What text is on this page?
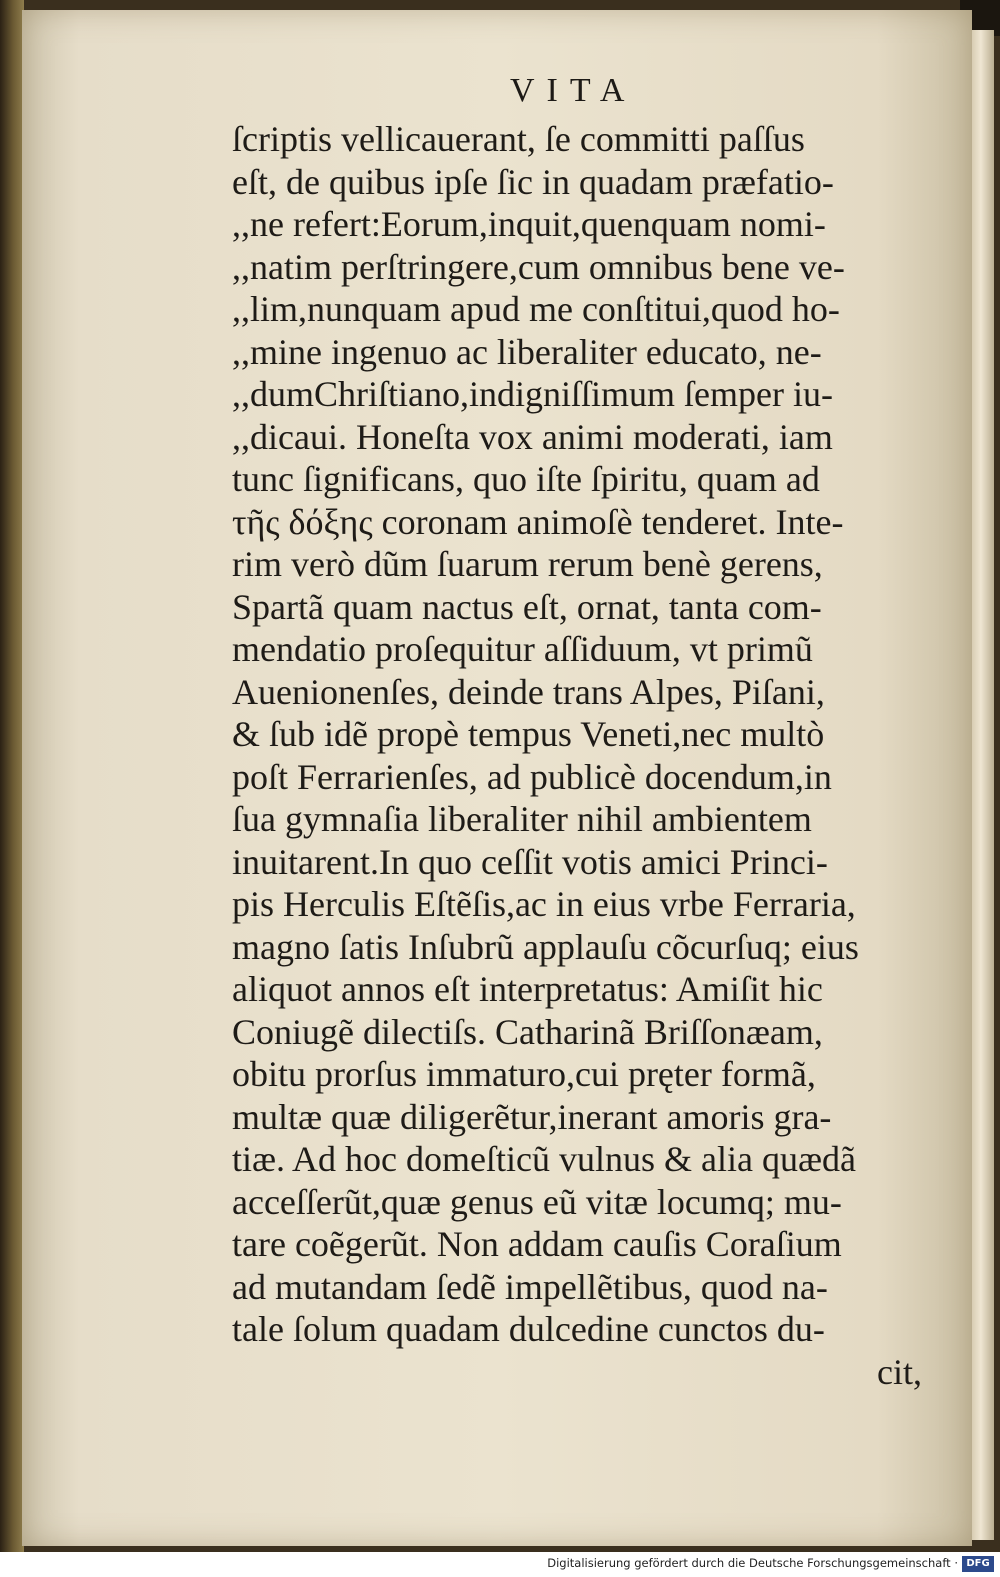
VITA
ſcriptis vellicauerant, ſe committi paſſus
eſt, de quibus ipſe ſic in quadam præfatio-
,,ne refert:Eorum,inquit,quenquam nomi-
,,natim perſtringere,cum omnibus bene ve-
,,lim,nunquam apud me conſtitui,quod ho-
,,mine ingenuo ac liberaliter educato, ne-
,,dumChriſtiano,indigniſſimum ſemper iu-
,,dicaui. Honeſta vox animi moderati, iam
tunc ſignificans, quo iſte ſpiritu, quam ad
τῆς δόξης coronam animoſè tenderet. Inte-
rim verò dũm ſuarum rerum benè gerens,
Spartã quam nactus eſt, ornat, tanta com-
mendatio proſequitur aſſiduum, vt primũ
Auenionenſes, deinde trans Alpes, Piſani,
& ſub idẽ propè tempus Veneti,nec multò
poſt Ferrarienſes, ad publicè docendum,in
ſua gymnaſia liberaliter nihil ambientem
inuitarent.In quo ceſſit votis amici Princi-
pis Herculis Eſtẽſis,ac in eius vrbe Ferraria,
magno ſatis Inſubrũ applauſu cõcurſuq; eius
aliquot annos eſt interpretatus: Amiſit hic
Coniugẽ dilectiſs. Catharinã Briſſonæam,
obitu prorſus immaturo,cui pręter formã,
multæ quæ diligerẽtur,inerant amoris gra-
tiæ. Ad hoc domeſticũ vulnus & alia quædã
acceſſerũt,quæ genus eũ vitæ locumq; mu-
tare coẽgerũt. Non addam cauſis Coraſium
ad mutandam ſedẽ impellẽtibus, quod na-
tale ſolum quadam dulcedine cunctos du-
cit,
Digitalisierung gefördert durch die Deutsche Forschungsgemeinschaft · DFG
